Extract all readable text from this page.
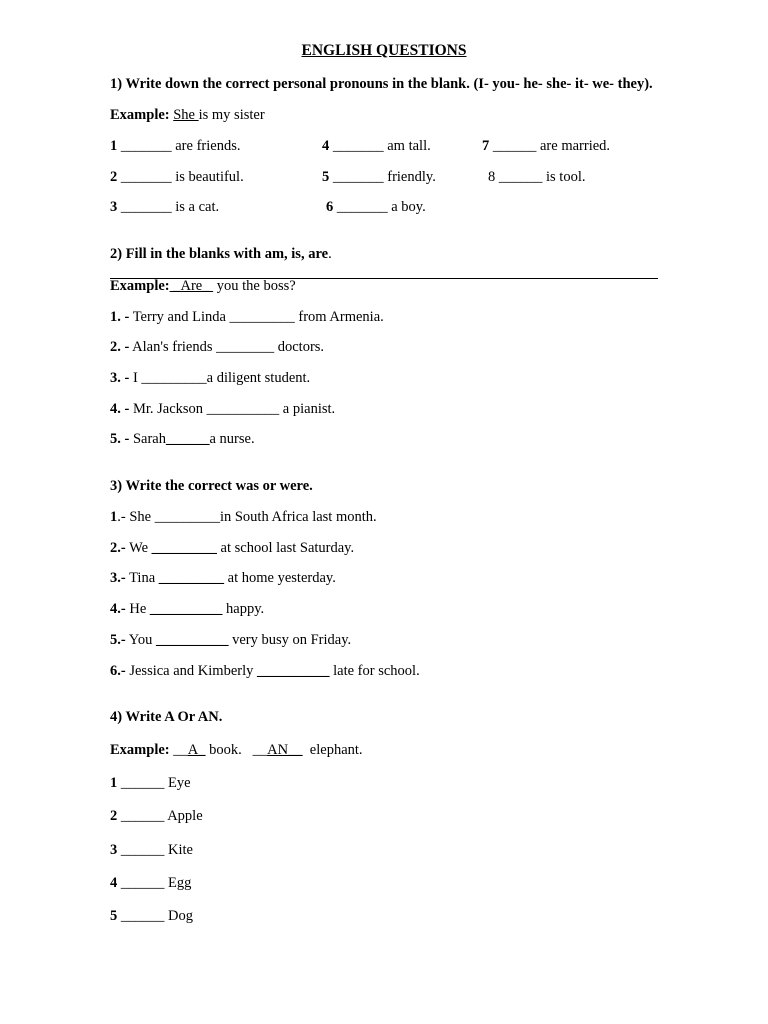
ENGLISH QUESTIONS
1) Write down the correct personal pronouns in the blank. (I- you- he- she- it- we- they).
Example: She is my sister
1 _______ are friends.	4 _______ am tall.	7 ______ are married.
2 _______ is beautiful.	5 _______ friendly.	8 ______ is tool.
3 _______ is a cat.	6 _______ a boy.
2) Fill in the blanks with am, is, are.
Example: _Are_  you the boss?
1. - Terry and Linda _________ from Armenia.
2. - Alan's friends ________ doctors.
3. - I _________a diligent student.
4. - Mr. Jackson __________ a pianist.
5. - Sarah______a nurse.
3) Write the correct was or were.
1.- She _________in South Africa last month.
2.- We _________ at school last Saturday.
3.- Tina _________ at home yesterday.
4.- He __________ happy.
5.- You __________ very busy on Friday.
6.- Jessica and Kimberly __________ late for school.
4) Write A Or AN.
Example: __A_ book.   __AN__  elephant.
1 ______ Eye
2 ______ Apple
3 ______ Kite
4 ______ Egg
5 ______ Dog
